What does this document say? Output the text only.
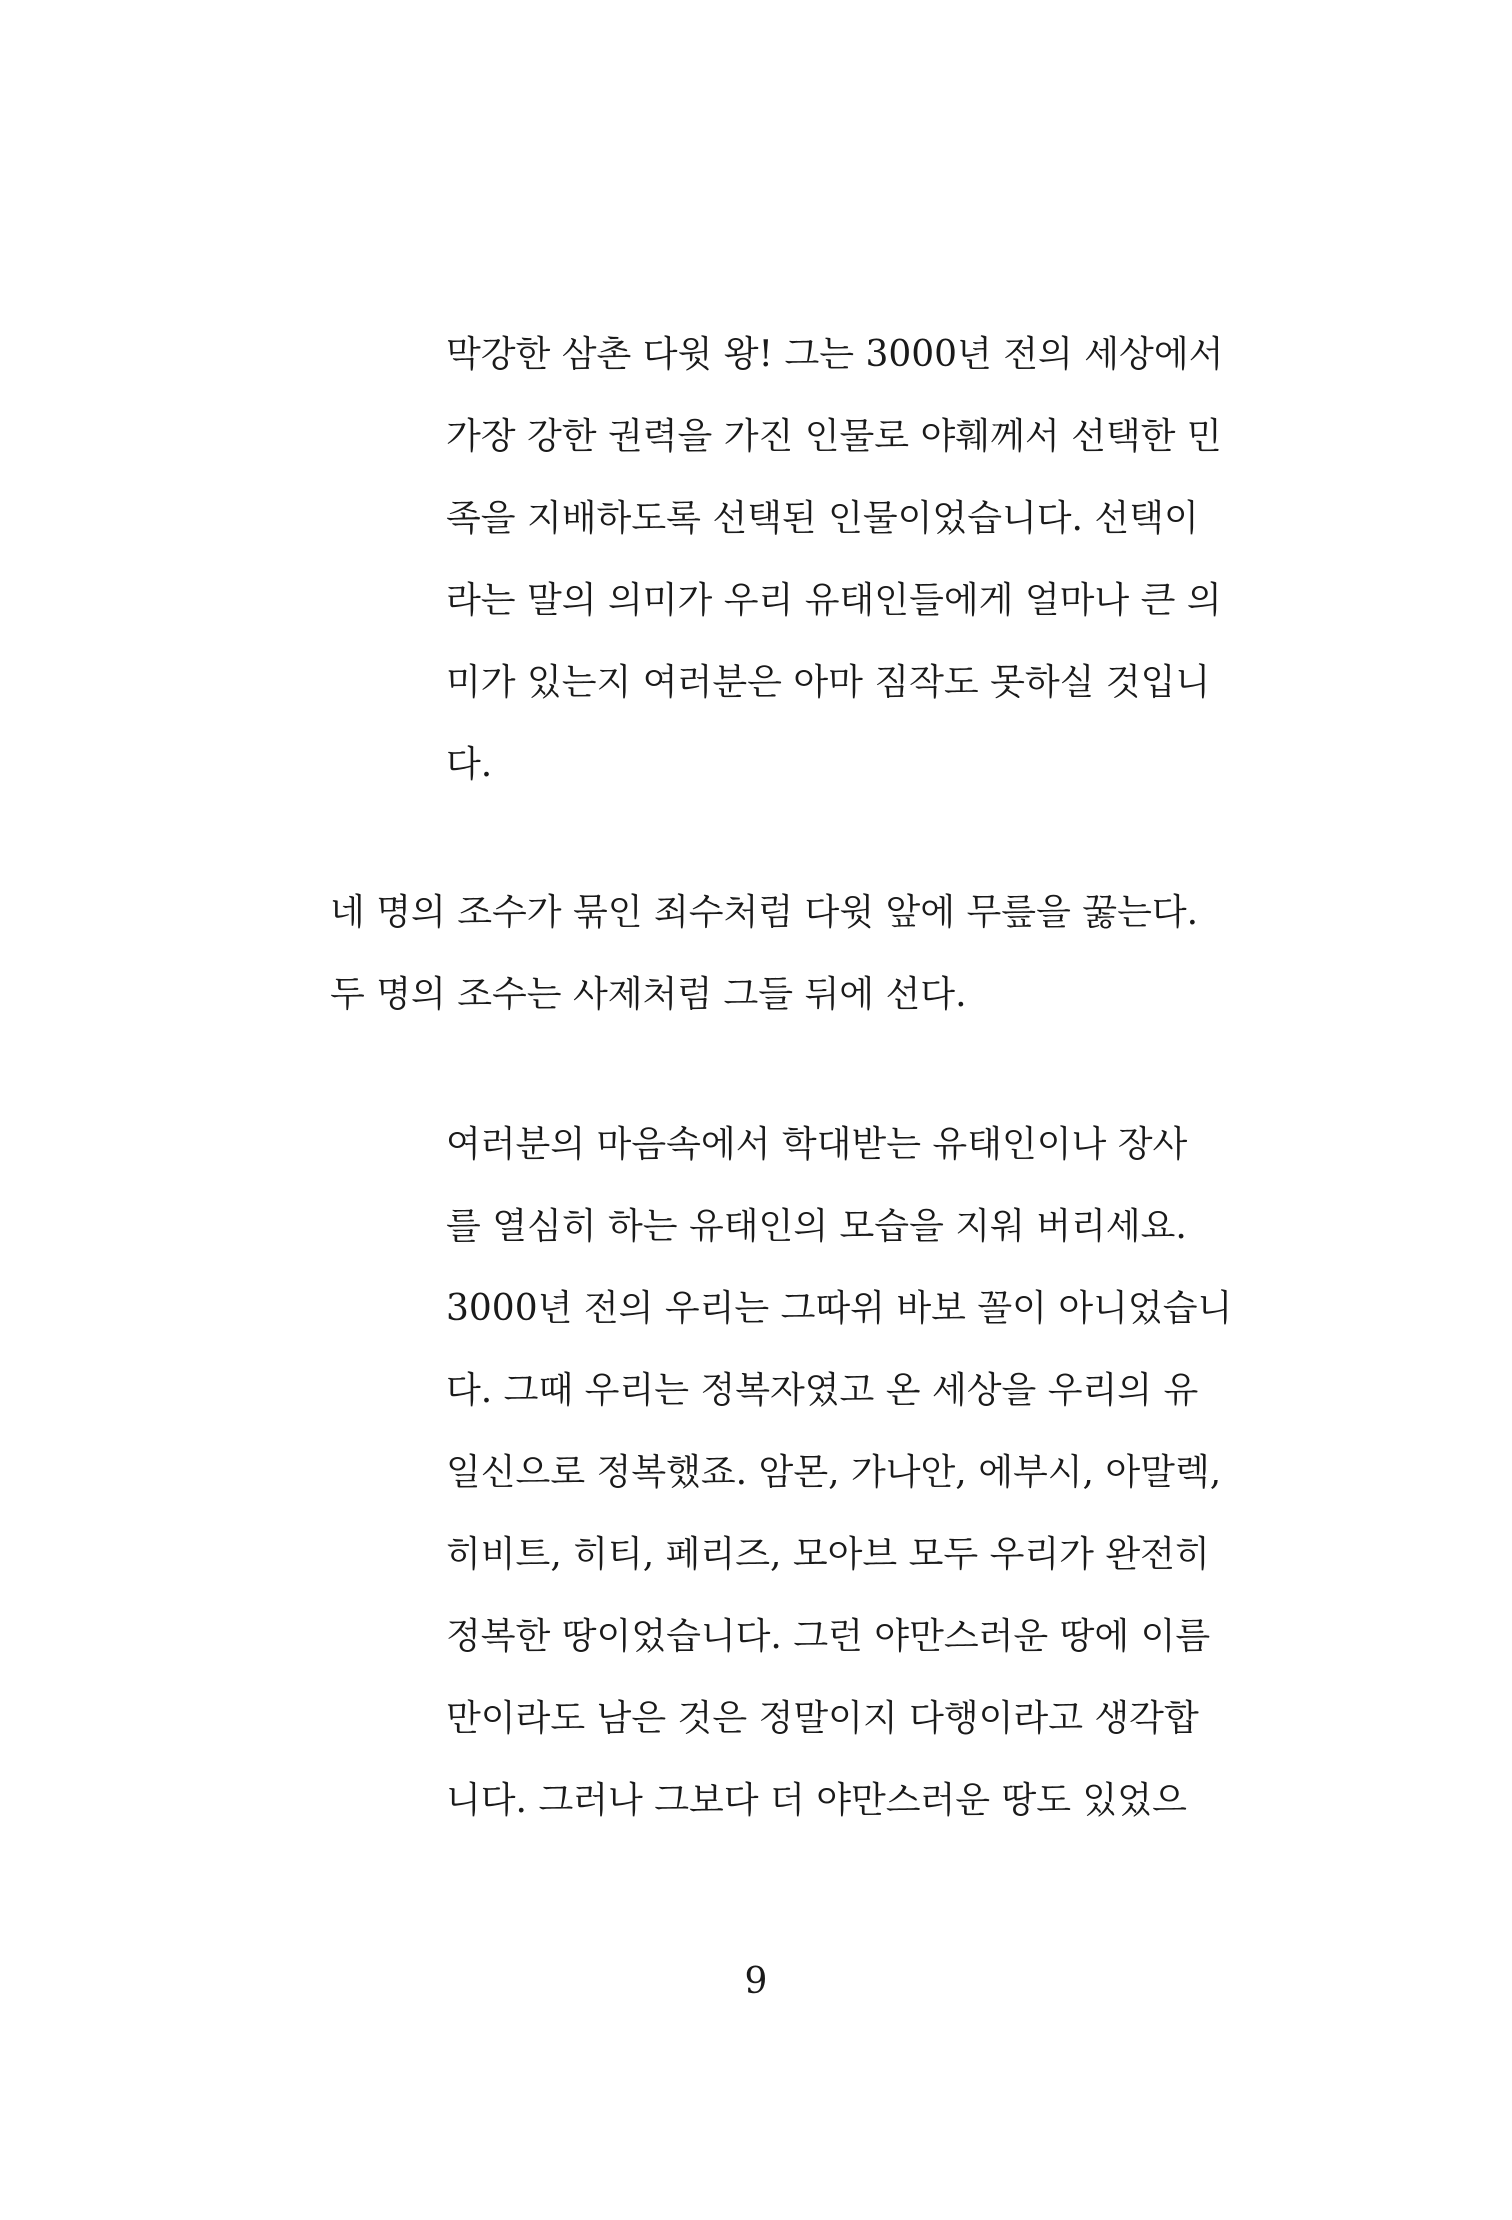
막강한 삼촌 다윗 왕! 그는 3000년 전의 세상에서
가장 강한 권력을 가진 인물로 야훼께서 선택한 민
족을 지배하도록 선택된 인물이었습니다. 선택이
라는 말의 의미가 우리 유태인들에게 얼마나 큰 의
미가 있는지 여러분은 아마 짐작도 못하실 것입니
다.
네 명의 조수가 묶인 죄수처럼 다윗 앞에 무릎을 꿇는다.
두 명의 조수는 사제처럼 그들 뒤에 선다.
여러분의 마음속에서 학대받는 유태인이나 장사
를 열심히 하는 유태인의 모습을 지워 버리세요.
3000년 전의 우리는 그따위 바보 꼴이 아니었습니
다. 그때 우리는 정복자였고 온 세상을 우리의 유
일신으로 정복했죠. 암몬, 가나안, 에부시, 아말렉,
히비트, 히티, 페리즈, 모아브 모두 우리가 완전히
정복한 땅이었습니다. 그런 야만스러운 땅에 이름
만이라도 남은 것은 정말이지 다행이라고 생각합
니다. 그러나 그보다 더 야만스러운 땅도 있었으
9
